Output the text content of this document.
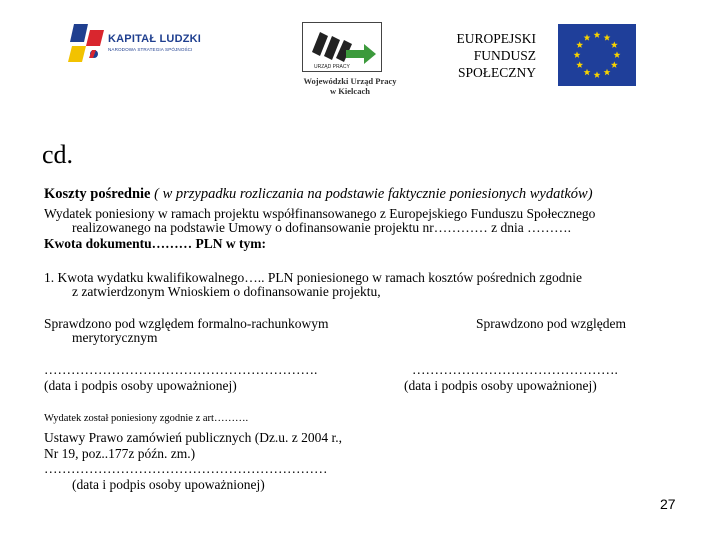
KAPITAŁ LUDZKI
NARODOWA STRATEGIA SPÓJNOŚCI
URZĄD PRACY
Wojewódzki Urząd Pracy
w Kielcach
EUROPEJSKI
FUNDUSZ
SPOŁECZNY
cd.
Koszty pośrednie ( w przypadku rozliczania na podstawie faktycznie poniesionych wydatków)
Wydatek poniesiony w ramach projektu współfinansowanego z Europejskiego Funduszu Społecznego
realizowanego na podstawie Umowy o dofinansowanie projektu nr………… z dnia ……….
Kwota dokumentu……… PLN w tym:
1. Kwota wydatku kwalifikowalnego….. PLN poniesionego w ramach kosztów pośrednich zgodnie
z zatwierdzonym Wnioskiem o dofinansowanie projektu,
Sprawdzono pod względem formalno-rachunkowym
merytorycznym
Sprawdzono pod względem
…………………………………………………….	……………………………………….
(data i podpis osoby upoważnionej)	(data i podpis osoby upoważnionej)
Wydatek został poniesiony zgodnie z art……….
Ustawy Prawo zamówień publicznych (Dz.u. z 2004 r.,
Nr 19, poz..177z późn. zm.)
………………………………………………………
(data i podpis osoby upoważnionej)
27
